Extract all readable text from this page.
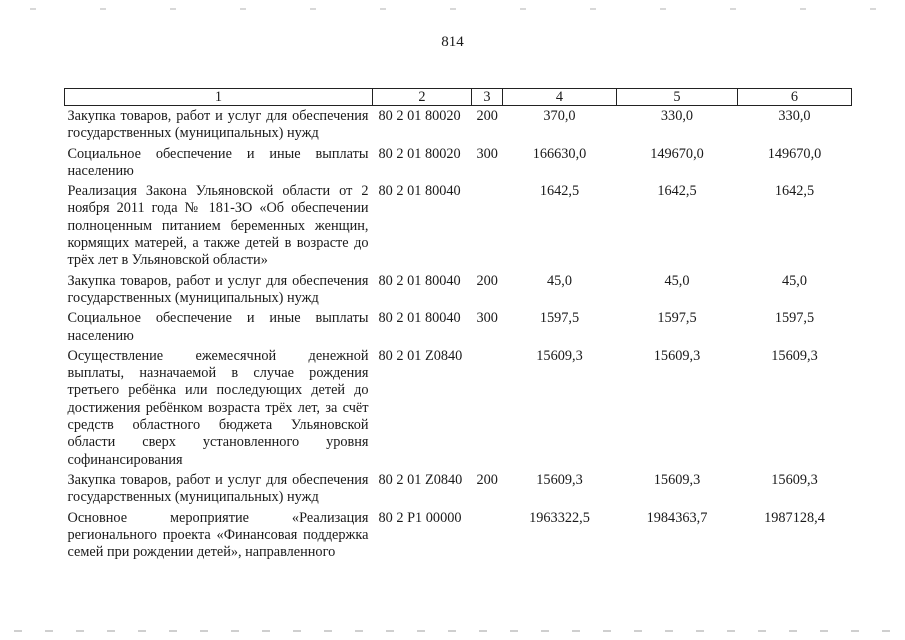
814
1	2	3	4	5	6
Закупка товаров, работ и услуг для обеспечения государственных (муниципальных) нужд	80 2 01 80020	200	370,0	330,0	330,0
Социальное обеспечение и иные выплаты населению	80 2 01 80020	300	166630,0	149670,0	149670,0
Реализация Закона Ульяновской области от 2 ноября 2011 года № 181-ЗО «Об обеспечении полноценным питанием беременных женщин, кормящих матерей, а также детей в возрасте до трёх лет в Ульяновской области»	80 2 01 80040		1642,5	1642,5	1642,5
Закупка товаров, работ и услуг для обеспечения государственных (муниципальных) нужд	80 2 01 80040	200	45,0	45,0	45,0
Социальное обеспечение и иные выплаты населению	80 2 01 80040	300	1597,5	1597,5	1597,5
Осуществление ежемесячной денежной выплаты, назначаемой в случае рождения третьего ребёнка или последующих детей до достижения ребёнком возраста трёх лет, за счёт средств областного бюджета Ульяновской области сверх установленного уровня софинансирования	80 2 01 Z0840		15609,3	15609,3	15609,3
Закупка товаров, работ и услуг для обеспечения государственных (муниципальных) нужд	80 2 01 Z0840	200	15609,3	15609,3	15609,3
Основное мероприятие «Реализация регионального проекта «Финансовая поддержка семей при рождении детей», направленного	80 2 P1 00000		1963322,5	1984363,7	1987128,4
